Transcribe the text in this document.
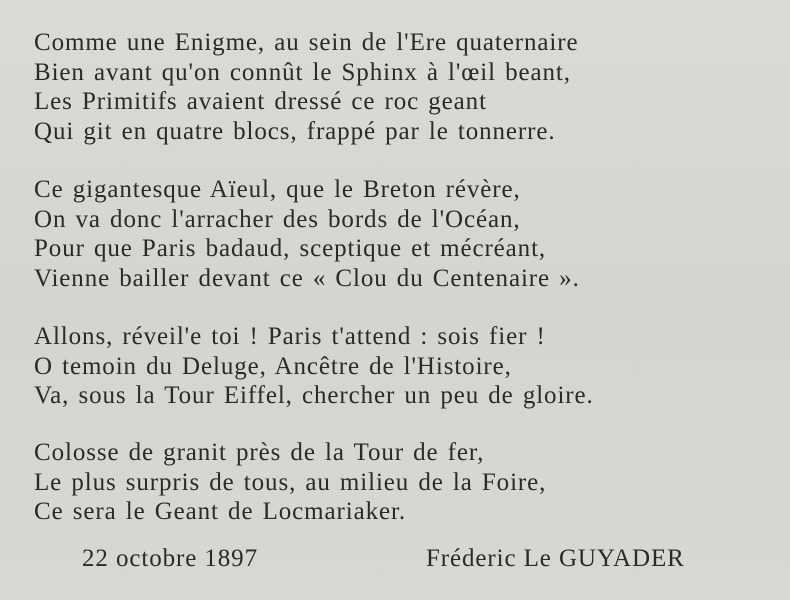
Comme une Enigme, au sein de l'Ere quaternaire
Bien avant qu'on connût le Sphinx à l'œil beant,
Les Primitifs avaient dressé ce roc geant
Qui git en quatre blocs, frappé par le tonnerre.
Ce gigantesque Aïeul, que le Breton révère,
On va donc l'arracher des bords de l'Océan,
Pour que Paris badaud, sceptique et mécréant,
Vienne bailler devant ce « Clou du Centenaire ».
Allons, réveil'e toi ! Paris t'attend : sois fier !
O temoin du Deluge, Ancêtre de l'Histoire,
Va, sous la Tour Eiffel, chercher un peu de gloire.
Colosse de granit près de la Tour de fer,
Le plus surpris de tous, au milieu de la Foire,
Ce sera le Geant de Locmariaker.
22 octobre 1897	Fréderic Le GUYADER
